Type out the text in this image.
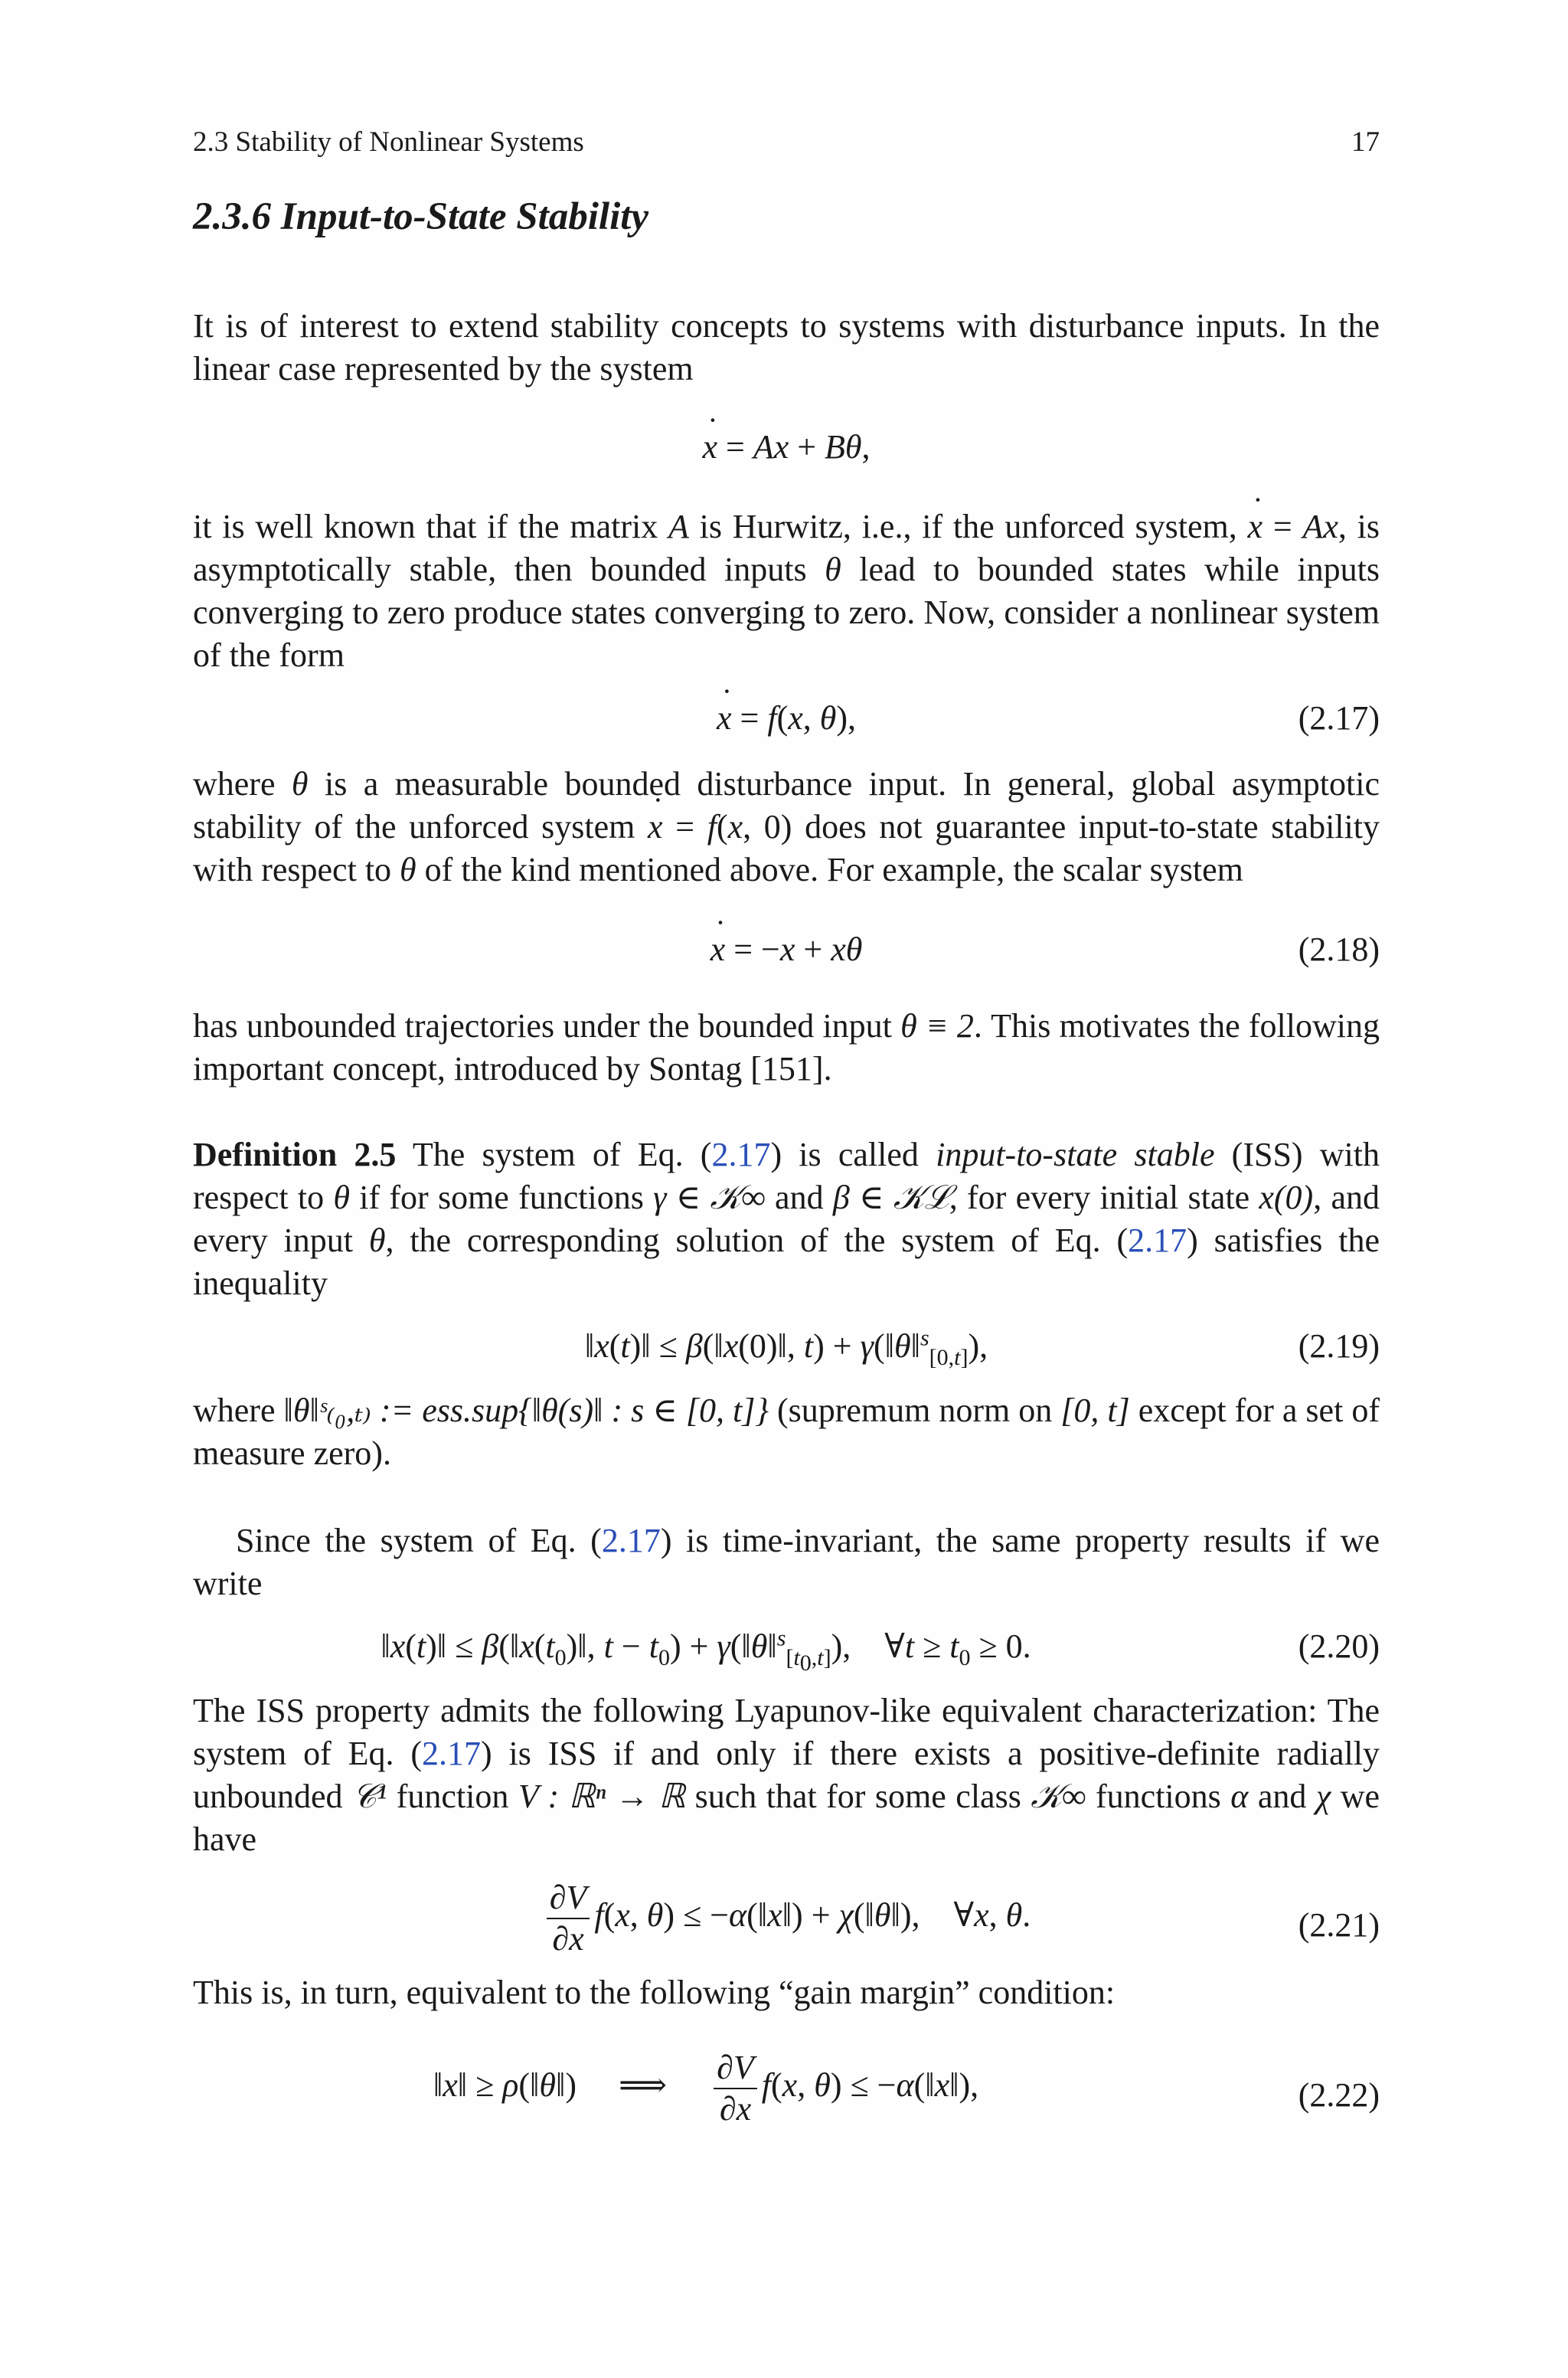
2.3 Stability of Nonlinear Systems	17
2.3.6 Input-to-State Stability

It is of interest to extend stability concepts to systems with disturbance inputs. In the linear case represented by the system

˙ x = Ax + Bθ,

it is well known that if the matrix A is Hurwitz, i.e., if the unforced system, ˙ x = Ax, is asymptotically stable, then bounded inputs θ lead to bounded states while inputs converging to zero produce states converging to zero. Now, consider a nonlinear system of the form

˙ x = f(x, θ),	(2.17)

where θ is a measurable bounded disturbance input. In general, global asymptotic stability of the unforced system ˙ x = f(x, 0) does not guarantee input-to-state stability with respect to θ of the kind mentioned above. For example, the scalar system

˙ x = −x + xθ	(2.18)

has unbounded trajectories under the bounded input θ ≡ 2. This motivates the following important concept, introduced by Sontag [151].

Definition 2.5 The system of Eq. (2.17) is called input-to-state stable (ISS) with respect to θ if for some functions γ ∈ 𝒦∞ and β ∈ 𝒦ℒ, for every initial state x(0), and every input θ, the corresponding solution of the system of Eq. (2.17) satisfies the inequality

‖x(t)‖ ≤ β(‖x(0)‖, t) + γ(‖θ‖$^s_{[0,t]}$),	(2.19)

where ‖θ‖ˢ₍₀,ₜ₎ := ess.sup{‖θ(s)‖ : s ∈ [0, t]} (supremum norm on [0, t] except for a set of measure zero).

Since the system of Eq. (2.17) is time-invariant, the same property results if we write

‖x(t)‖ ≤ $\beta(‖x(t_0)‖$, $t - t_0$) + γ(‖θ‖$^s_{[t_0,t]}$),    ∀t ≥ $t_0 \ge 0$.	(2.20)

The ISS property admits the following Lyapunov-like equivalent characterization: The system of Eq. (2.17) is ISS if and only if there exists a positive-definite radially unbounded 𝒞¹ function V : ℝⁿ → ℝ such that for some class 𝒦∞ functions α and χ we have

$\frac{\partial V}{\partial x} f(x$, θ) ≤ −α(‖x‖) + χ(‖θ‖),    ∀x, θ.	(2.21)

This is, in turn, equivalent to the following “gain margin” condition:

‖x‖ ≥ ρ(‖θ‖)     ⟹ $\frac{\partial V}{\partial x} f(x$, θ) ≤ −α(‖x‖),	(2.22)
